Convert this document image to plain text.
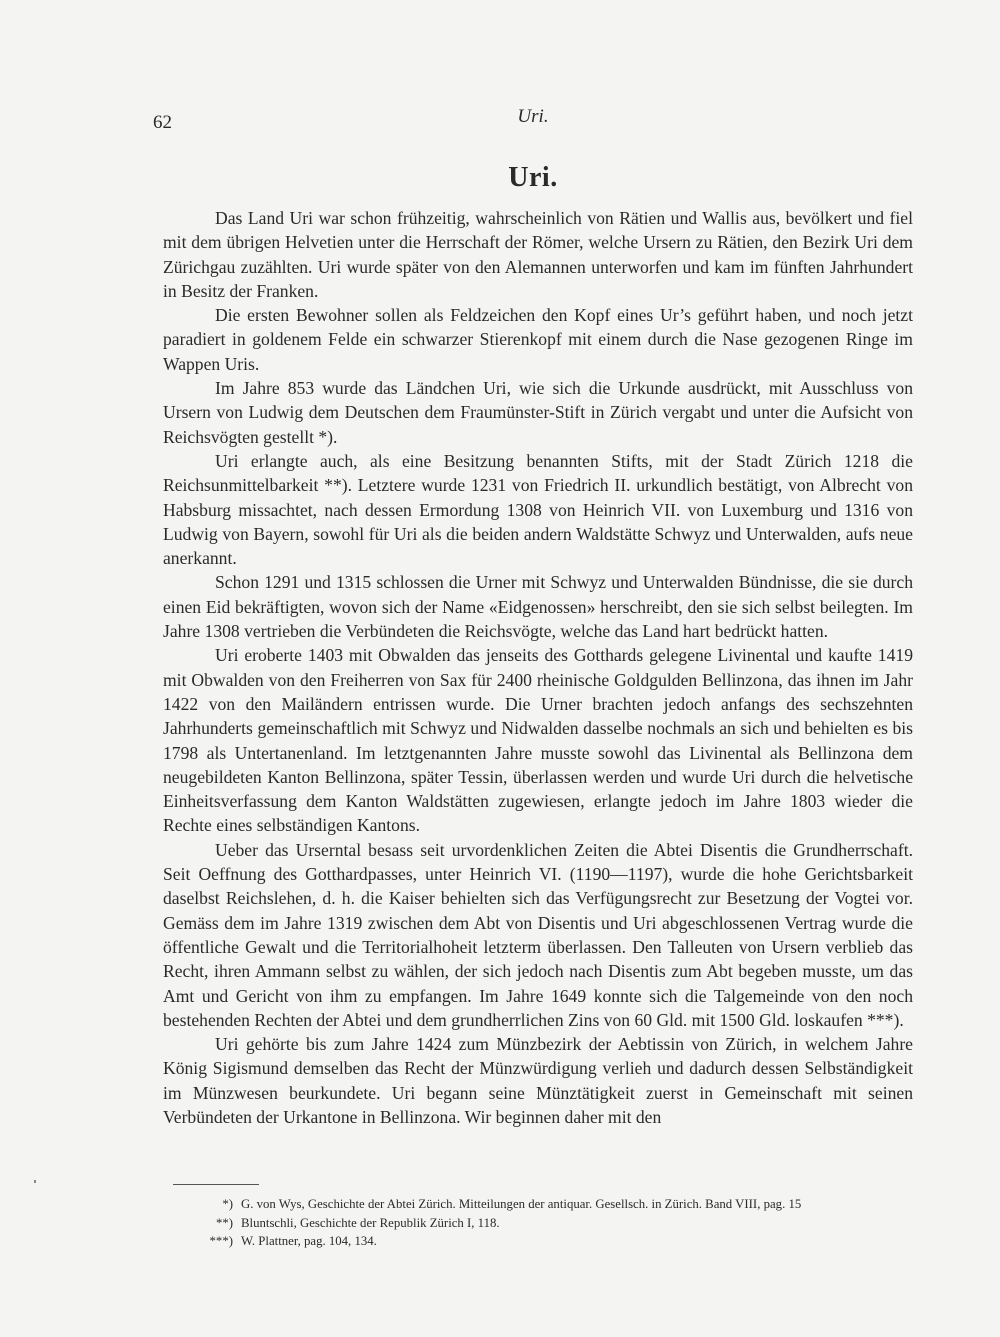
62	Uri.
Uri.

Das Land Uri war schon frühzeitig, wahrscheinlich von Rätien und Wallis aus, bevölkert und fiel mit dem übrigen Helvetien unter die Herrschaft der Römer, welche Ursern zu Rätien, den Bezirk Uri dem Zürichgau zuzählten. Uri wurde später von den Alemannen unterworfen und kam im fünften Jahrhundert in Besitz der Franken.

Die ersten Bewohner sollen als Feldzeichen den Kopf eines Ur’s geführt haben, und noch jetzt paradiert in goldenem Felde ein schwarzer Stierenkopf mit einem durch die Nase gezogenen Ringe im Wappen Uris.

Im Jahre 853 wurde das Ländchen Uri, wie sich die Urkunde ausdrückt, mit Ausschluss von Ursern von Ludwig dem Deutschen dem Fraumünster-Stift in Zürich vergabt und unter die Aufsicht von Reichsvögten gestellt *).

Uri erlangte auch, als eine Besitzung benannten Stifts, mit der Stadt Zürich 1218 die Reichsunmittelbarkeit **). Letztere wurde 1231 von Friedrich II. urkundlich bestätigt, von Albrecht von Habsburg missachtet, nach dessen Ermordung 1308 von Heinrich VII. von Luxemburg und 1316 von Ludwig von Bayern, sowohl für Uri als die beiden andern Waldstätte Schwyz und Unterwalden, aufs neue anerkannt.

Schon 1291 und 1315 schlossen die Urner mit Schwyz und Unterwalden Bündnisse, die sie durch einen Eid bekräftigten, wovon sich der Name «Eidgenossen» herschreibt, den sie sich selbst beilegten. Im Jahre 1308 vertrieben die Verbündeten die Reichsvögte, welche das Land hart bedrückt hatten.

Uri eroberte 1403 mit Obwalden das jenseits des Gotthards gelegene Livinental und kaufte 1419 mit Obwalden von den Freiherren von Sax für 2400 rheinische Goldgulden Bellinzona, das ihnen im Jahr 1422 von den Mailändern entrissen wurde. Die Urner brachten jedoch anfangs des sechszehnten Jahrhunderts gemeinschaftlich mit Schwyz und Nidwalden dasselbe nochmals an sich und behielten es bis 1798 als Untertanenland. Im letztgenannten Jahre musste sowohl das Livinental als Bellinzona dem neugebildeten Kanton Bellinzona, später Tessin, überlassen werden und wurde Uri durch die helvetische Einheitsverfassung dem Kanton Waldstätten zugewiesen, erlangte jedoch im Jahre 1803 wieder die Rechte eines selbständigen Kantons.

Ueber das Urserntal besass seit urvordenklichen Zeiten die Abtei Disentis die Grundherrschaft. Seit Oeffnung des Gotthardpasses, unter Heinrich VI. (1190—1197), wurde die hohe Gerichtsbarkeit daselbst Reichslehen, d. h. die Kaiser behielten sich das Verfügungsrecht zur Besetzung der Vogtei vor. Gemäss dem im Jahre 1319 zwischen dem Abt von Disentis und Uri abgeschlossenen Vertrag wurde die öffentliche Gewalt und die Territorialhoheit letzterm überlassen. Den Talleuten von Ursern verblieb das Recht, ihren Ammann selbst zu wählen, der sich jedoch nach Disentis zum Abt begeben musste, um das Amt und Gericht von ihm zu empfangen. Im Jahre 1649 konnte sich die Talgemeinde von den noch bestehenden Rechten der Abtei und dem grundherrlichen Zins von 60 Gld. mit 1500 Gld. loskaufen ***).

Uri gehörte bis zum Jahre 1424 zum Münzbezirk der Aebtissin von Zürich, in welchem Jahre König Sigismund demselben das Recht der Münzwürdigung verlieh und dadurch dessen Selbständigkeit im Münzwesen beurkundete. Uri begann seine Münztätigkeit zuerst in Gemeinschaft mit seinen Verbündeten der Urkantone in Bellinzona. Wir beginnen daher mit den

*) G. von Wys, Geschichte der Abtei Zürich. Mitteilungen der antiquar. Gesellsch. in Zürich. Band VIII, pag. 15
**) Bluntschli, Geschichte der Republik Zürich I, 118.
***) W. Plattner, pag. 104, 134.
